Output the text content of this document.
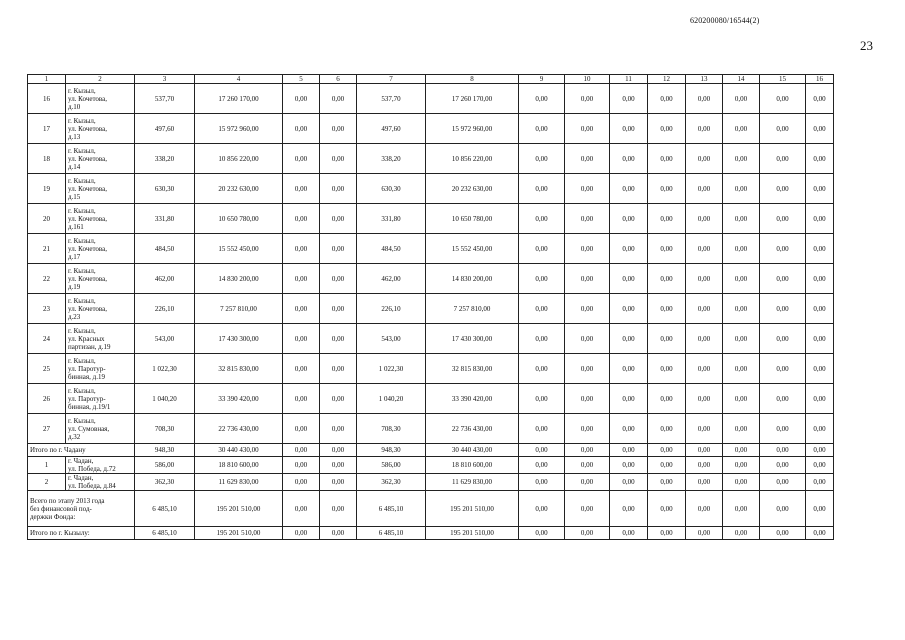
620200080/16544(2)
23
1	2	3	4	5	6	7	8	9	10	11	12	13	14	15	16
16	г. Кызыл,
ул. Кочетова,
д.10	537,70	17 260 170,00	0,00	0,00	537,70	17 260 170,00	0,00	0,00	0,00	0,00	0,00	0,00	0,00	0,00
17	г. Кызыл,
ул. Кочетова,
д.13	497,60	15 972 960,00	0,00	0,00	497,60	15 972 960,00	0,00	0,00	0,00	0,00	0,00	0,00	0,00	0,00
18	г. Кызыл,
ул. Кочетова,
д.14	338,20	10 856 220,00	0,00	0,00	338,20	10 856 220,00	0,00	0,00	0,00	0,00	0,00	0,00	0,00	0,00
19	г. Кызыл,
ул. Кочетова,
д.15	630,30	20 232 630,00	0,00	0,00	630,30	20 232 630,00	0,00	0,00	0,00	0,00	0,00	0,00	0,00	0,00
20	г. Кызыл,
ул. Кочетова,
д.161	331,80	10 650 780,00	0,00	0,00	331,80	10 650 780,00	0,00	0,00	0,00	0,00	0,00	0,00	0,00	0,00
21	г. Кызыл,
ул. Кочетова,
д.17	484,50	15 552 450,00	0,00	0,00	484,50	15 552 450,00	0,00	0,00	0,00	0,00	0,00	0,00	0,00	0,00
22	г. Кызыл,
ул. Кочетова,
д.19	462,00	14 830 200,00	0,00	0,00	462,00	14 830 200,00	0,00	0,00	0,00	0,00	0,00	0,00	0,00	0,00
23	г. Кызыл,
ул. Кочетова,
д.23	226,10	7 257 810,00	0,00	0,00	226,10	7 257 810,00	0,00	0,00	0,00	0,00	0,00	0,00	0,00	0,00
24	г. Кызыл,
ул. Красных
партизан, д.19	543,00	17 430 300,00	0,00	0,00	543,00	17 430 300,00	0,00	0,00	0,00	0,00	0,00	0,00	0,00	0,00
25	г. Кызыл,
ул. Паротур-
бинная, д.19	1 022,30	32 815 830,00	0,00	0,00	1 022,30	32 815 830,00	0,00	0,00	0,00	0,00	0,00	0,00	0,00	0,00
26	г. Кызыл,
ул. Паротур-
бинная, д.19/1	1 040,20	33 390 420,00	0,00	0,00	1 040,20	33 390 420,00	0,00	0,00	0,00	0,00	0,00	0,00	0,00	0,00
27	г. Кызыл,
ул. Сумовная,
д.32	708,30	22 736 430,00	0,00	0,00	708,30	22 736 430,00	0,00	0,00	0,00	0,00	0,00	0,00	0,00	0,00

Итого по г. Чадану		948,30	30 440 430,00	0,00	0,00	948,30	30 440 430,00	0,00	0,00	0,00	0,00	0,00	0,00	0,00	0,00
1	г. Чадан,
ул. Победа, д.72	586,00	18 810 600,00	0,00	0,00	586,00	18 810 600,00	0,00	0,00	0,00	0,00	0,00	0,00	0,00	0,00
2	г. Чадан,
ул. Победа, д.84	362,30	11 629 830,00	0,00	0,00	362,30	11 629 830,00	0,00	0,00	0,00	0,00	0,00	0,00	0,00	0,00

Всего по этапу 2013 года
без финансовой под-
держки Фонда:		6 485,10	195 201 510,00	0,00	0,00	6 485,10	195 201 510,00	0,00	0,00	0,00	0,00	0,00	0,00	0,00	0,00

Итого по г. Кызылу:		6 485,10	195 201 510,00	0,00	0,00	6 485,10	195 201 510,00	0,00	0,00	0,00	0,00	0,00	0,00	0,00	0,00
